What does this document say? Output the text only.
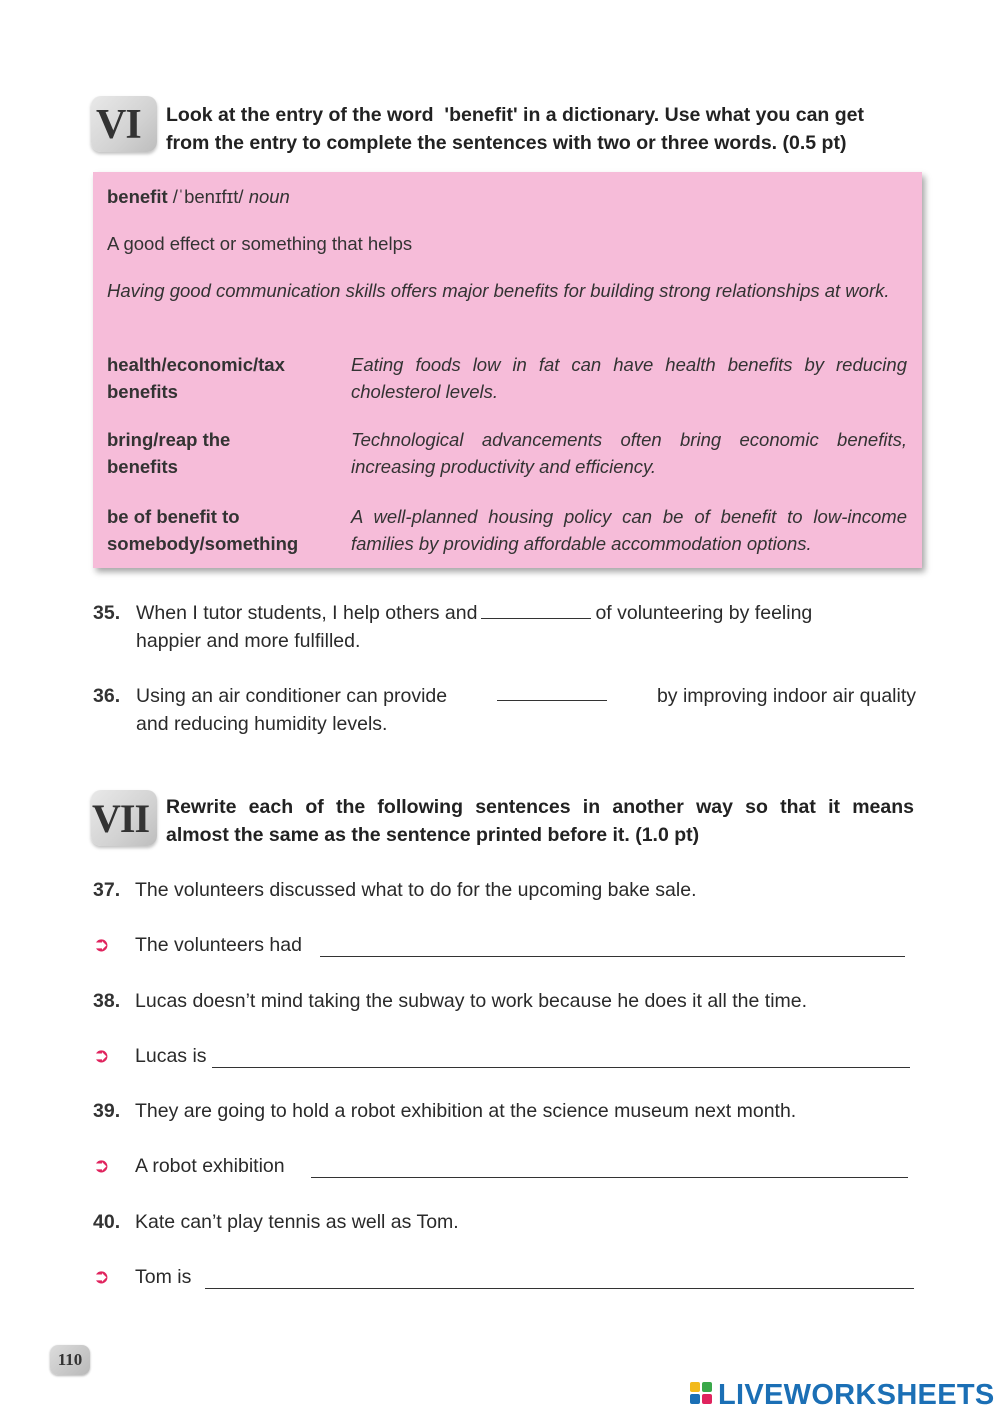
VI Look at the entry of the word  'benefit' in a dictionary. Use what you can get
from the entry to complete the sentences with two or three words. (0.5 pt)
benefit /ˈbenɪfɪt/ noun
A good effect or something that helps
Having good communication skills offers major benefits for building strong relationships at work.
health/economic/tax
benefits
Eating foods low in fat can have health benefits by reducing cholesterol levels.
bring/reap the
benefits
Technological advancements often bring economic benefits, increasing productivity and efficiency.
be of benefit to
somebody/something
A well-planned housing policy can be of benefit to low-income families by providing affordable accommodation options.
35. When I tutor students, I help others and	of volunteering by feeling
happier and more fulfilled.
36. Using an air conditioner can provide	by improving indoor air quality
and reducing humidity levels.
VII Rewrite each of the following sentences in another way so that it means
almost the same as the sentence printed before it. (1.0 pt)
37. The volunteers discussed what to do for the upcoming bake sale.
➲ The volunteers had
38. Lucas doesn’t mind taking the subway to work because he does it all the time.
➲ Lucas is
39. They are going to hold a robot exhibition at the science museum next month.
➲ A robot exhibition
40. Kate can’t play tennis as well as Tom.
➲ Tom is
110
LIVEWORKSHEETS
